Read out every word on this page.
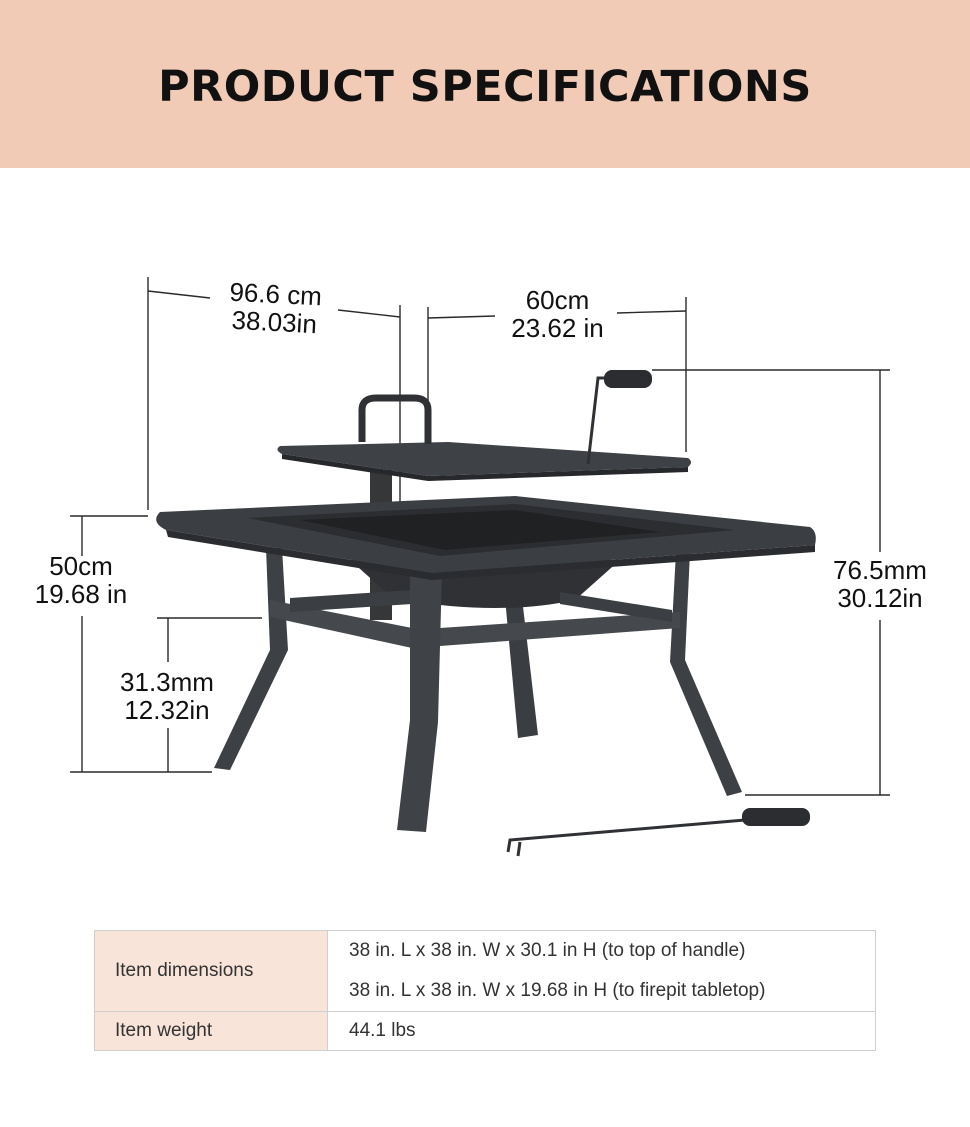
PRODUCT SPECIFICATIONS
96.6 cm
38.03in
60cm
23.62 in
50cm
19.68 in
31.3mm
12.32in
76.5mm
30.12in
Item dimensions	38 in. L x 38 in. W x 30.1 in H (to top of handle)
38 in. L x 38 in. W x 19.68 in H (to firepit tabletop)

Item weight	44.1 lbs
